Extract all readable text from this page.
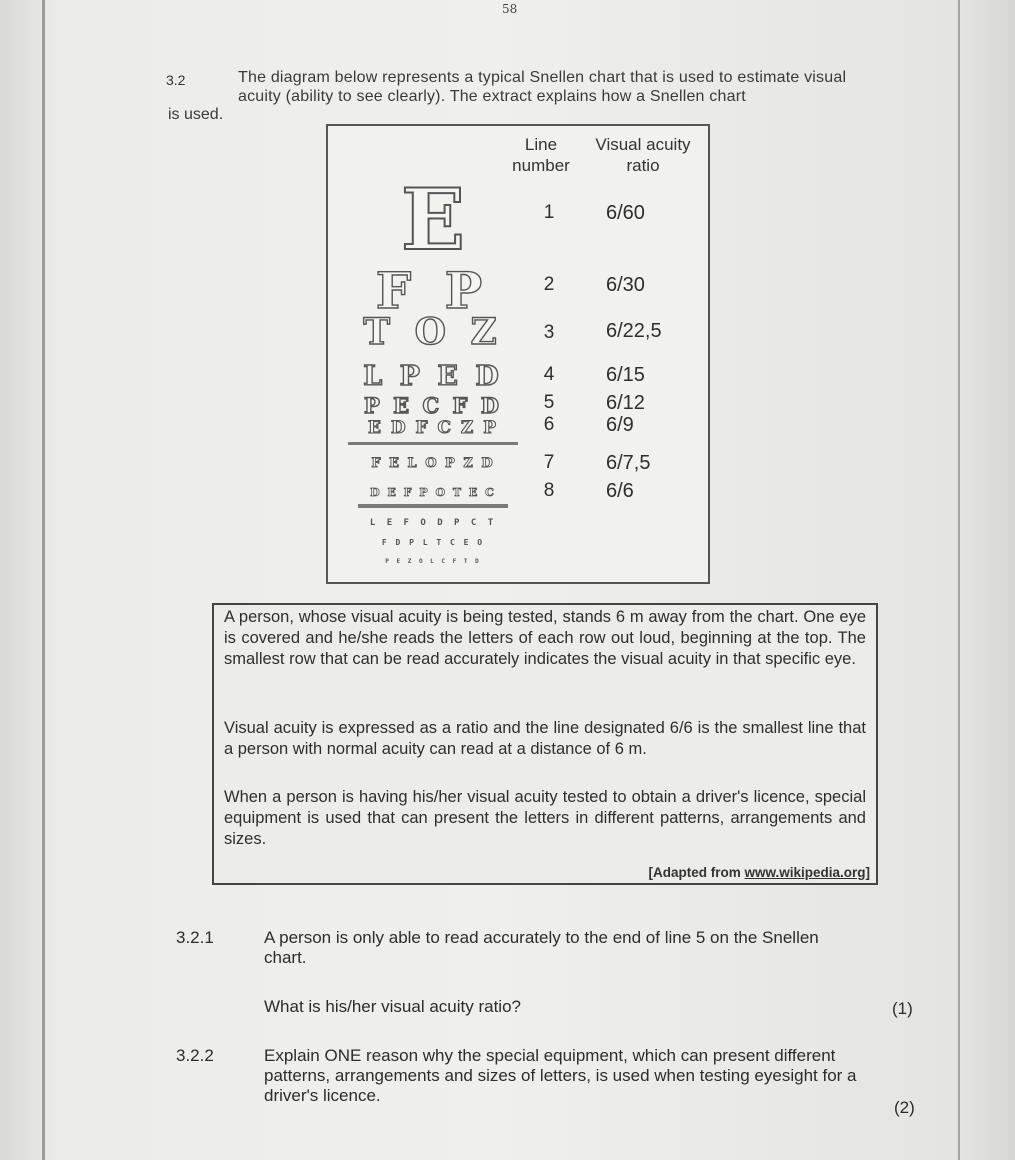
58
3.2	The diagram below represents a typical Snellen chart that is used to estimate visual acuity (ability to see clearly). The extract explains how a Snellen chart
is used.
Line number
Visual acuity ratio
E	1	6/60
F P	2	6/30
T O Z	3	6/22,5
L P E D	4	6/15
P E C F D	5	6/12
E D F C Z P	6	6/9
F E L O P Z D	7	6/7,5
D E F P O T E C	8	6/6
L E F O D P C T
F D P L T C E O
P E Z O L C F T D

A person, whose visual acuity is being tested, stands 6 m away from the chart. One eye is covered and he/she reads the letters of each row out loud, beginning at the top. The smallest row that can be read accurately indicates the visual acuity in that specific eye.

Visual acuity is expressed as a ratio and the line designated 6/6 is the smallest line that a person with normal acuity can read at a distance of 6 m.

When a person is having his/her visual acuity tested to obtain a driver's licence, special equipment is used that can present the letters in different patterns, arrangements and sizes.

[Adapted from www.wikipedia.org]
3.2.1	A person is only able to read accurately to the end of line 5 on the Snellen chart.
What is his/her visual acuity ratio?	(1)
3.2.2	Explain ONE reason why the special equipment, which can present different patterns, arrangements and sizes of letters, is used when testing eyesight for a driver's licence.
(2)
